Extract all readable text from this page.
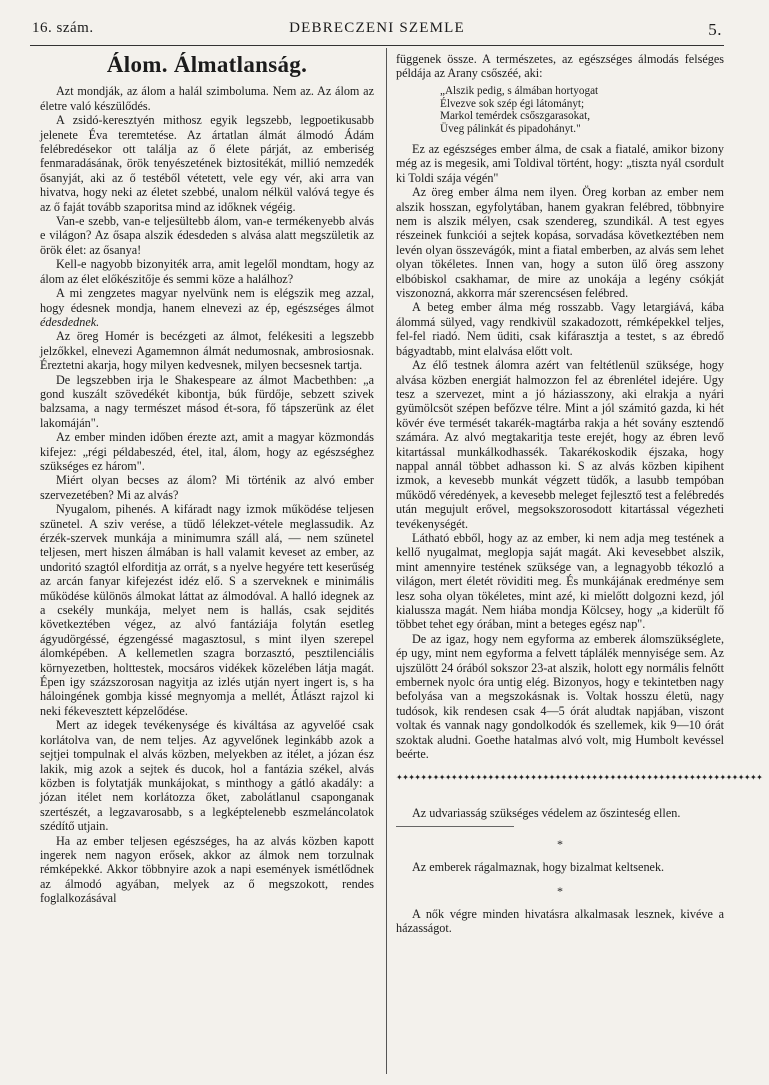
16. szám.	DEBRECZENI SZEMLE	5.
Álom. Álmatlanság.

Azt mondják, az álom a halál szimboluma. Nem az. Az álom az életre való készülődés.

A zsidó-keresztyén mithosz egyik legszebb, legpoetikusabb jelenete Éva teremtetése. Az ártatlan álmát álmodó Ádám felébredésekor ott találja az ő élete párját, az emberiség fenmaradásának, örök tenyészetének biztositékát, millió nemzedék ősanyját, aki az ő testéből vétetett, vele egy vér, aki arra van hivatva, hogy neki az életet szebbé, unalom nélkül valóvá tegye és az ő faját tovább szaporitsa mind az időknek végéig.

Van-e szebb, van-e teljesültebb álom, van-e termékenyebb alvás e világon? Az ősapa alszik édesdeden s alvása alatt megszületik az örök élet: az ősanya!

Kell-e nagyobb bizonyiték arra, amit legelől mondtam, hogy az álom az élet előkészitője és semmi köze a halálhoz?

A mi zengzetes magyar nyelvünk nem is elégszik meg azzal, hogy édesnek mondja, hanem elnevezi az ép, egészséges álmot édesdednek.

Az öreg Homér is becézgeti az álmot, felékesiti a legszebb jelzőkkel, elnevezi Agamemnon álmát nedumosnak, ambrosiosnak. Éreztetni akarja, hogy milyen kedvesnek, milyen becsesnek tartja.

De legszebben irja le Shakespeare az álmot Macbethben: „a gond kuszált szövedékét kibontja, búk fürdője, sebzett szivek balzsama, a nagy természet másod ét-sora, fő tápszerünk az élet lakomáján".

Az ember minden időben érezte azt, amit a magyar közmondás kifejez: „régi példabeszéd, étel, ital, álom, hogy az egészséghez szükséges ez három".

Miért olyan becses az álom? Mi történik az alvó ember szervezetében? Mi az alvás?

Nyugalom, pihenés. A kifáradt nagy izmok működése teljesen szünetel. A sziv verése, a tüdő lélekzet-vétele meglassudik. Az érzék-szervek munkája a minimumra száll alá, — nem szünetel teljesen, mert hiszen álmában is hall valamit keveset az ember, az undoritó szagtól elforditja az orrát, s a nyelve hegyére tett keserűség az arcán fanyar kifejezést idéz elő. S a szerveknek e minimális működése különös álmokat láttat az álmodóval. A halló idegnek az a csekély munkája, melyet nem is hallás, csak sejdités következtében végez, az alvó fantáziája folytán esetleg ágyudörgéssé, égzengéssé magasztosul, s mint ilyen szerepel álomképében. A kellemetlen szagra borzasztó, pesztilenciális környezetben, holttestek, mocsáros vidékek közelében látja magát. Épen igy százszorosan nagyitja az izlés utján nyert ingert is, s ha háloingének gombja kissé megnyomja a mellét, Átlászt rajzol ki neki fékevesztett képzelődése.

Mert az idegek tevékenysége és kiváltása az agyvelőé csak korlátolva van, de nem teljes. Az agyvelőnek leginkább azok a sejtjei tompulnak el alvás közben, melyekben az itélet, a józan ész lakik, mig azok a sejtek és ducok, hol a fantázia székel, alvás közben is folytatják munkájokat, s minthogy a gátló akadály: a józan itélet nem korlátozza őket, zabolátlanul csaponganak szertészét, a legzavarosabb, s a legképtelenebb eszmeláncolatok szédítő utjain.

Ha az ember teljesen egészséges, ha az alvás közben kapott ingerek nem nagyon erősek, akkor az álmok nem torzulnak rémképekké. Akkor többnyire azok a napi események ismétlődnek az álmodó agyában, melyek az ő megszokott, rendes foglalkozásával

függenek össze. A természetes, az egészséges álmodás felséges példája az Arany csőszéé, aki:

„Alszik pedig, s álmában hortyogat
Élvezve sok szép égi látományt;
Markol temérdek csőszgarasokat,
Üveg pálinkát és pipadohányt."

Ez az egészséges ember álma, de csak a fiatalé, amikor bizony még az is megesik, ami Toldival történt, hogy: „tiszta nyál csordult ki Toldi szája végén"

Az öreg ember álma nem ilyen. Öreg korban az ember nem alszik hosszan, egyfolytában, hanem gyakran felébred, többnyire nem is alszik mélyen, csak szendereg, szundikál. A test egyes részeinek funkciói a sejtek kopása, sorvadása következtében nem levén olyan összevágók, mint a fiatal emberben, az alvás sem lehet olyan tökéletes. Innen van, hogy a suton ülő öreg asszony elbóbiskol csakhamar, de mire az unokája a legény csókját viszonozná, akkorra már szerencsésen felébred.

A beteg ember álma még rosszabb. Vagy letargiává, kába álommá sülyed, vagy rendkivül szakadozott, rémképekkel teljes, fel-fel riadó. Nem üditi, csak kifárasztja a testet, s az ébredő bágyadtabb, mint elalvása előtt volt.

Az élő testnek álomra azért van feltétlenül szüksége, hogy alvása közben energiát halmozzon fel az ébrenlétel idejére. Ugy tesz a szervezet, mint a jó háziasszony, aki elrakja a nyári gyümölcsöt szépen befőzve télre. Mint a jól számitó gazda, ki hét kövér éve termését takarék-magtárba rakja a hét sovány esztendő számára. Az alvó megtakaritja teste erejét, hogy az ébren levő kitartással munkálkodhassék. Takarékoskodik éjszaka, hogy nappal annál többet adhasson ki. S az alvás közben kipihent izmok, a kevesebb munkát végzett tüdők, a lasubb tempóban működő véredények, a kevesebb meleget fejlesztő test a felébredés után megujult erővel, megsokszorosodott kitartással végezheti tevékenységét.

Látható ebből, hogy az az ember, ki nem adja meg testének a kellő nyugalmat, meglopja saját magát. Aki kevesebbet alszik, mint amennyire testének szüksége van, a legnagyobb tékozló a világon, mert életét röviditi meg. És munkájának eredménye sem lesz soha olyan tökéletes, mint azé, ki mielőtt dolgozni kezd, jól kialussza magát. Nem hiába mondja Kölcsey, hogy „a kiderült fő többet tehet egy órában, mint a beteges egész nap".

De az igaz, hogy nem egyforma az emberek álomszükséglete, ép ugy, mint nem egyforma a felvett táplálék mennyisége sem. Az ujszülött 24 órából sokszor 23-at alszik, holott egy normális felnőtt embernek nyolc óra untig elég. Bizonyos, hogy e tekintetben nagy befolyása van a megszokásnak is. Voltak hosszu életü, nagy tudósok, kik rendesen csak 4—5 órát aludtak napjában, viszont voltak és vannak nagy gondolkodók és szellemek, kik 9—10 órát szoktak aludni. Goethe hatalmas alvó volt, mig Humbolt kevéssel beérte.

✦✦✦✦✦✦✦✦✦✦✦✦✦✦✦✦✦✦✦✦✦✦✦✦✦✦✦✦✦✦✦✦✦✦✦✦✦✦✦✦✦✦✦✦✦✦✦✦✦✦✦✦✦✦✦✦✦✦✦✦

Az udvariasság szükséges védelem az őszinteség ellen.

*

Az emberek rágalmaznak, hogy bizalmat keltsenek.

*

A nők végre minden hivatásra alkalmasak lesznek, kivéve a házasságot.
